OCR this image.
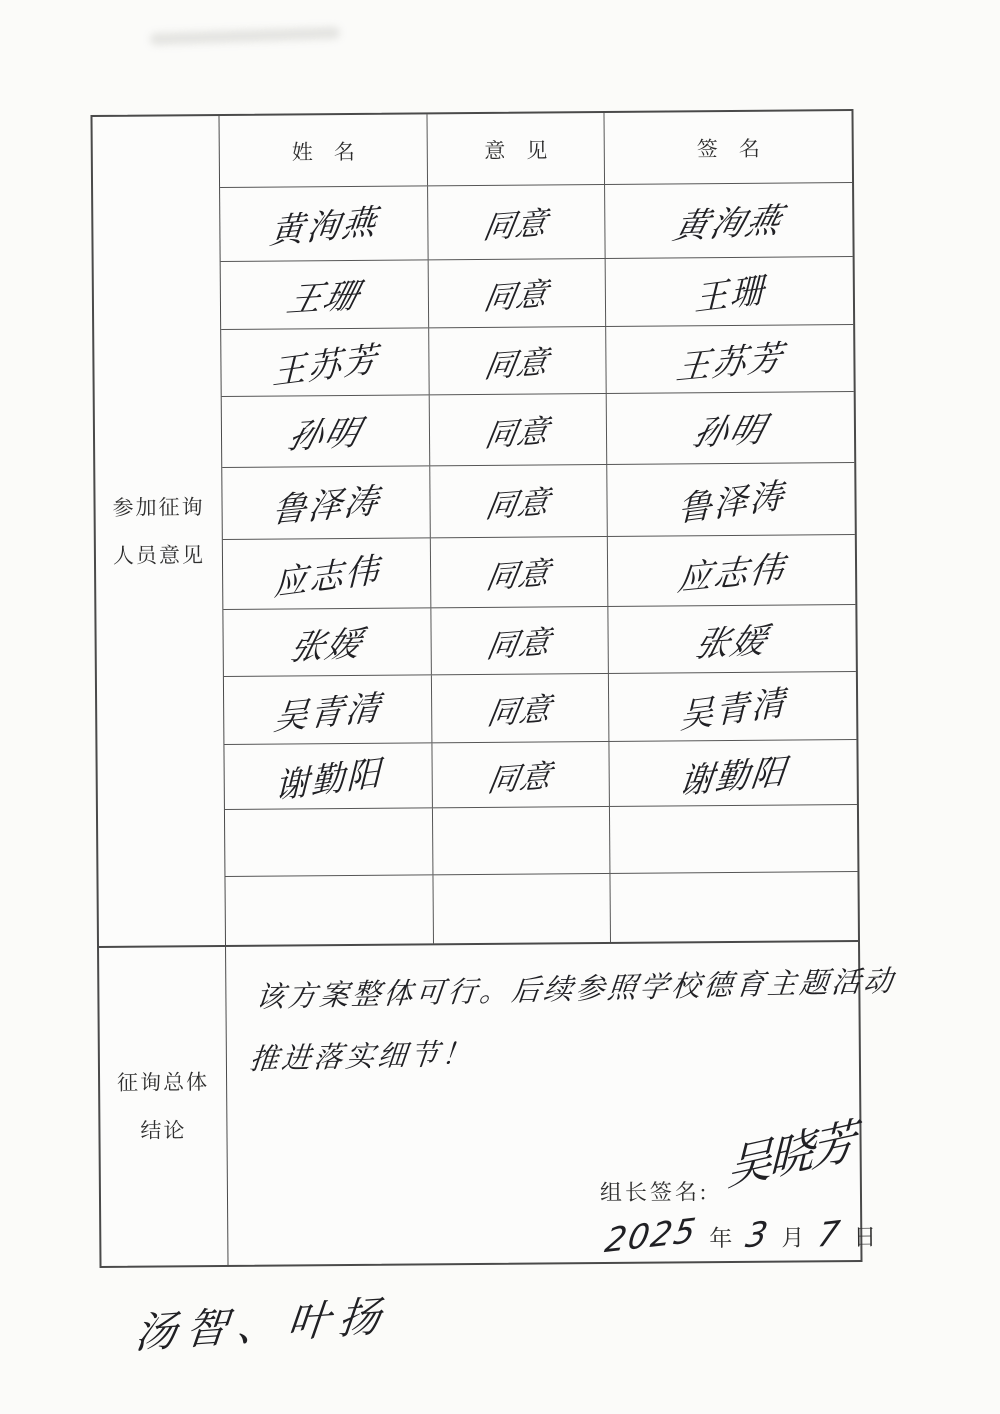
参加征询人员意见
姓　名	意　见	签　名
黄洵燕	同意	黄洵燕
王珊	同意	王珊
王苏芳	同意	王苏芳
孙明	同意	孙明
鲁泽涛	同意	鲁泽涛
应志伟	同意	应志伟
张媛	同意	张媛
吴青清	同意	吴青清
谢勤阳	同意	谢勤阳
征询总体结论
该方案整体可行。后续参照学校德育主题活动
推进落实细节！
组长签名: 吴晓芳
2025 年 3 月 7 日
汤智、叶扬
